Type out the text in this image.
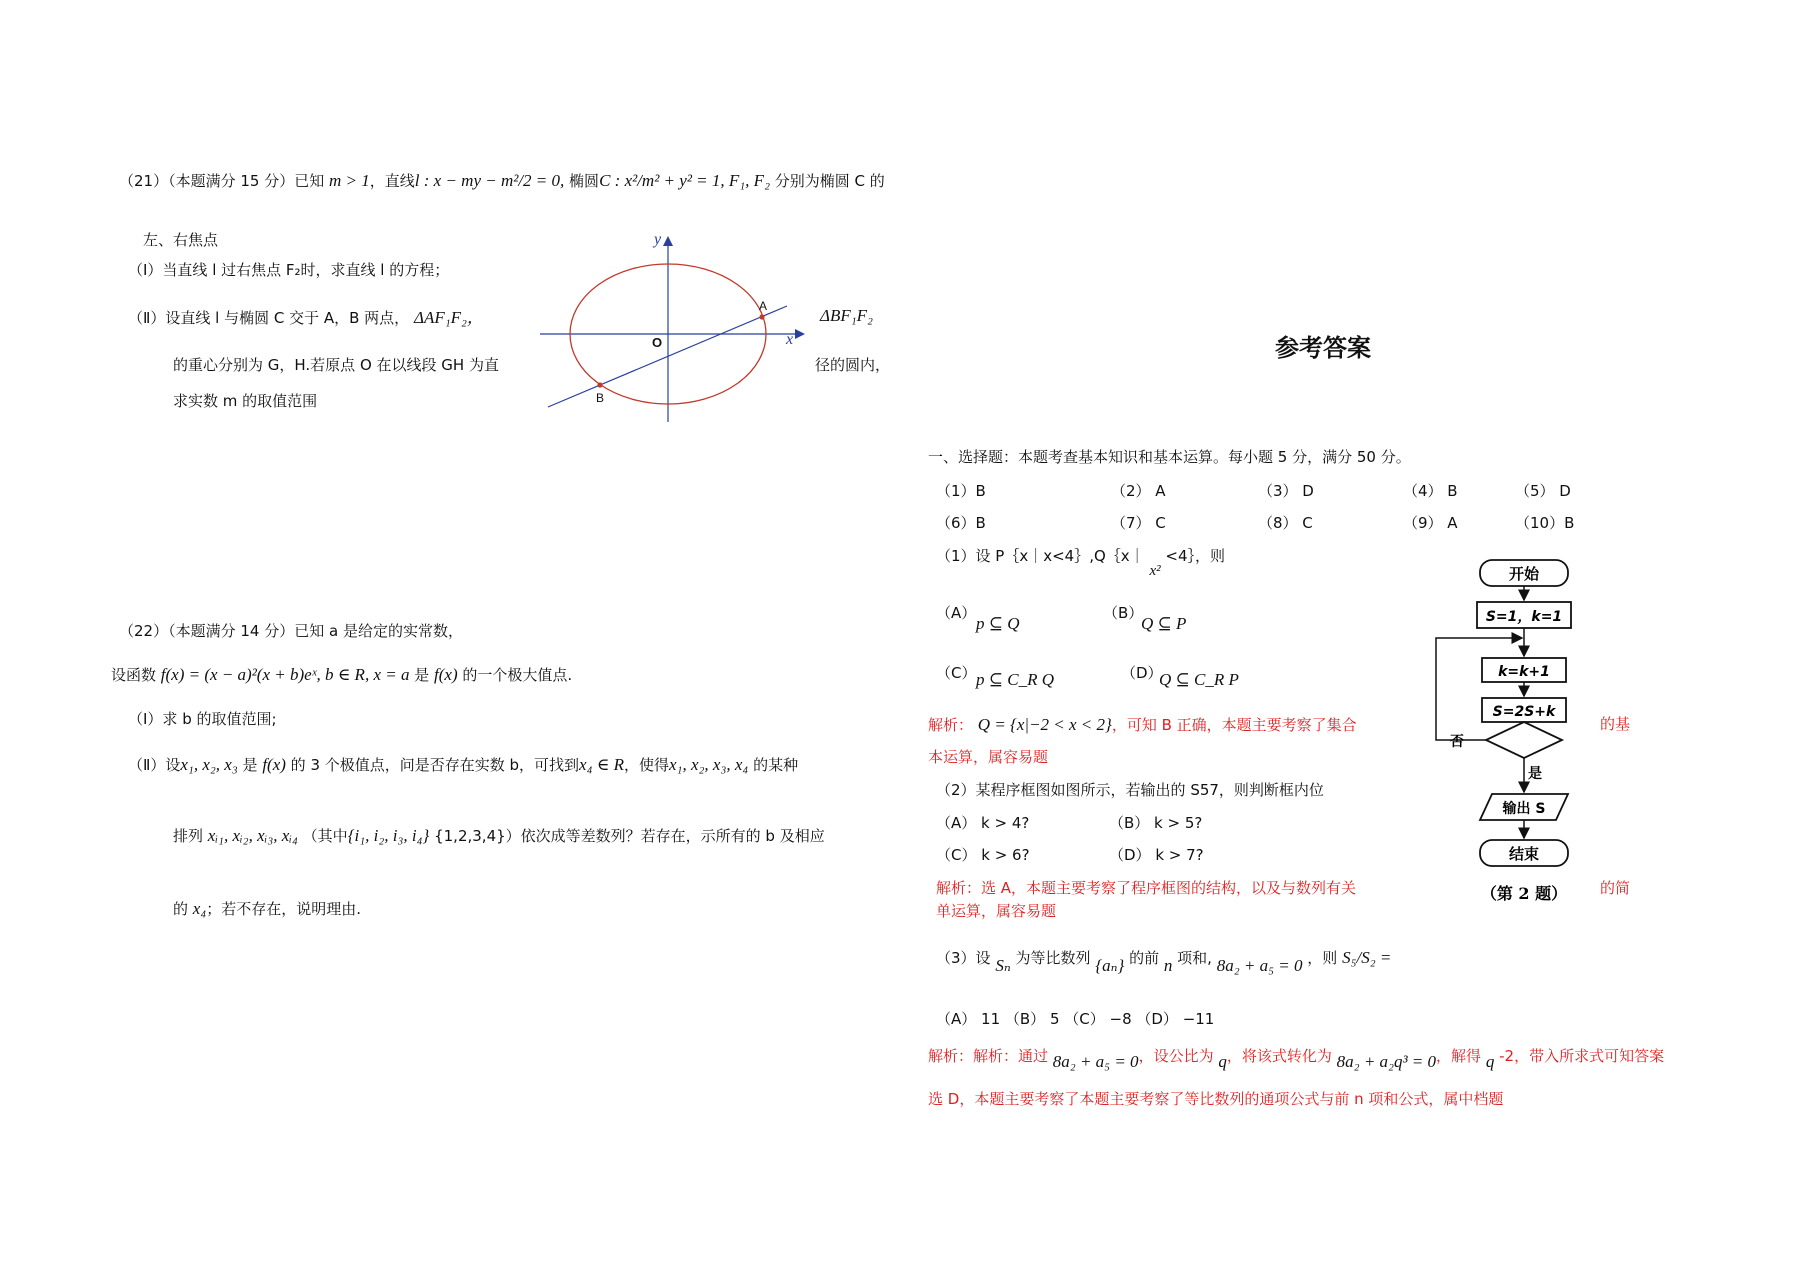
（21）（本题满分 15 分）已知 m > 1，直线l : x − my − m²/2 = 0, 椭圆C : x²/m² + y² = 1, F₁, F₂ 分别为椭圆 C 的
左、右焦点
（Ⅰ）当直线 l 过右焦点 F₂时，求直线 l 的方程；
（Ⅱ）设直线 l 与椭圆 C 交于 A，B 两点， ΔAF₁F₂，	ΔBF₁F₂
的重心分别为 G，H.若原点 O 在以线段 GH 为直	径的圆内，
求实数 m 的取值范围
y
x
O
A
B
（22）（本题满分 14 分）已知 a 是给定的实常数，
设函数 f(x) = (x − a)²(x + b)eˣ, b ∈ R, x = a 是 f(x) 的一个极大值点.
（Ⅰ）求 b 的取值范围;
（Ⅱ）设x₁, x₂, x₃ 是 f(x) 的 3 个极值点，问是否存在实数 b，可找到x₄ ∈ R，使得x₁, x₂, x₃, x₄ 的某种
排列 xᵢ₁, xᵢ₂, xᵢ₃, xᵢ₄ （其中{i₁, i₂, i₃, i₄} {1,2,3,4}）依次成等差数列？若存在，示所有的 b 及相应
的 x₄；若不存在，说明理由.
参考答案
一、选择题：本题考查基本知识和基本运算。每小题 5 分，满分 50 分。
（1）B	（2） A	（3） D	（4） B	（5） D
（6）B	（7） C	（8） C	（9） A	（10）B
（1）设 P｛x｜x<4｝,Q｛x｜ x² <4｝，则
（A）
p ⊆ Q
（B）
Q ⊆ P
（C） p ⊆ C_R Q	（D）
Q ⊆ C_R P
解析： Q = {x|−2 < x < 2}，可知 B 正确，本题主要考察了集合	的基
本运算，属容易题
（2）某程序框图如图所示，若输出的 S57，则判断框内位
（A） k > 4?	（B） k > 5?
（C） k > 6?	（D） k > 7?
解析：选 A，本题主要考察了程序框图的结构，以及与数列有关	的简
单运算，属容易题
开始
S=1，k=1
k=k+1
S=2S+k
否
是
输出 S
结束
（第 2 题）
（3）设 Sₙ 为等比数列 {aₙ} 的前 n 项和, 8a₂ + a₅ = 0 ，则 S₅/S₂ =
（A） 11 （B） 5 （C） −8 （D） −11
解析：解析：通过 8a₂ + a₅ = 0，设公比为 q，将该式转化为 8a₂ + a₂q³ = 0，解得 q -2，带入所求式可知答案
选 D，本题主要考察了本题主要考察了等比数列的通项公式与前 n 项和公式，属中档题
